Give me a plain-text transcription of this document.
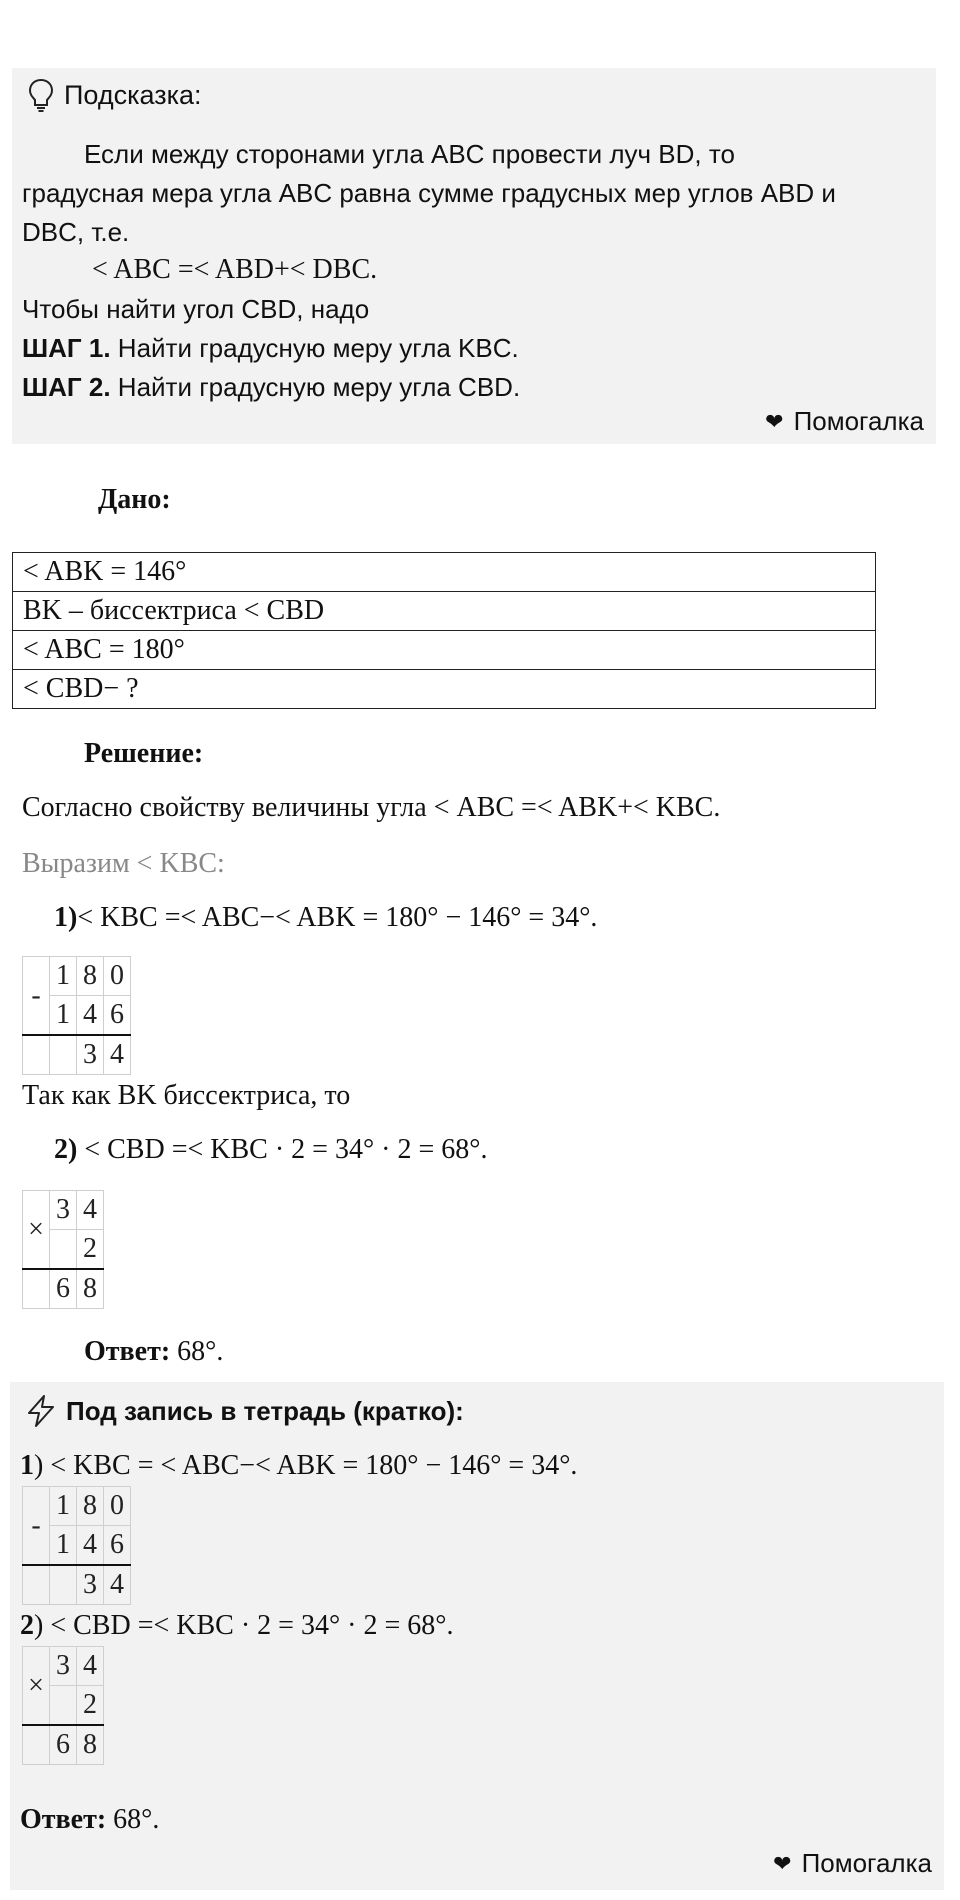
Подсказка:
Если между сторонами угла ABC провести луч BD, то
градусная мера угла ABC равна сумме градусных мер углов ABD и
DBC, т.е.
< ABC =< ABD+< DBC.
Чтобы найти угол CBD, надо
ШАГ 1. Найти градусную меру угла KBC.
ШАГ 2. Найти градусную меру угла CBD.
❤ Помогалка
Дано:
< ABK = 146°
BK – биссектриса < CBD
< ABC = 180°
< CBD− ?
Решение:
Согласно свойству величины угла < ABC =< ABK+< KBC.
Выразим < KBC:
1)< KBC =< ABC−< ABK = 180° − 146° = 34°.
-	1	8	0
	1	4	6
		3	4
Так как BK биссектриса, то
2) < CBD =< KBC · 2 = 34° · 2 = 68°.
×	3	4
		2
	6	8
Ответ: 68°.
Под запись в тетрадь (кратко):
1) < KBC = < ABC−< ABK = 180° − 146° = 34°.
-	1	8	0
	1	4	6
		3	4
2) < CBD =< KBC · 2 = 34° · 2 = 68°.
×	3	4
		2
	6	8
Ответ: 68°.
❤ Помогалка
